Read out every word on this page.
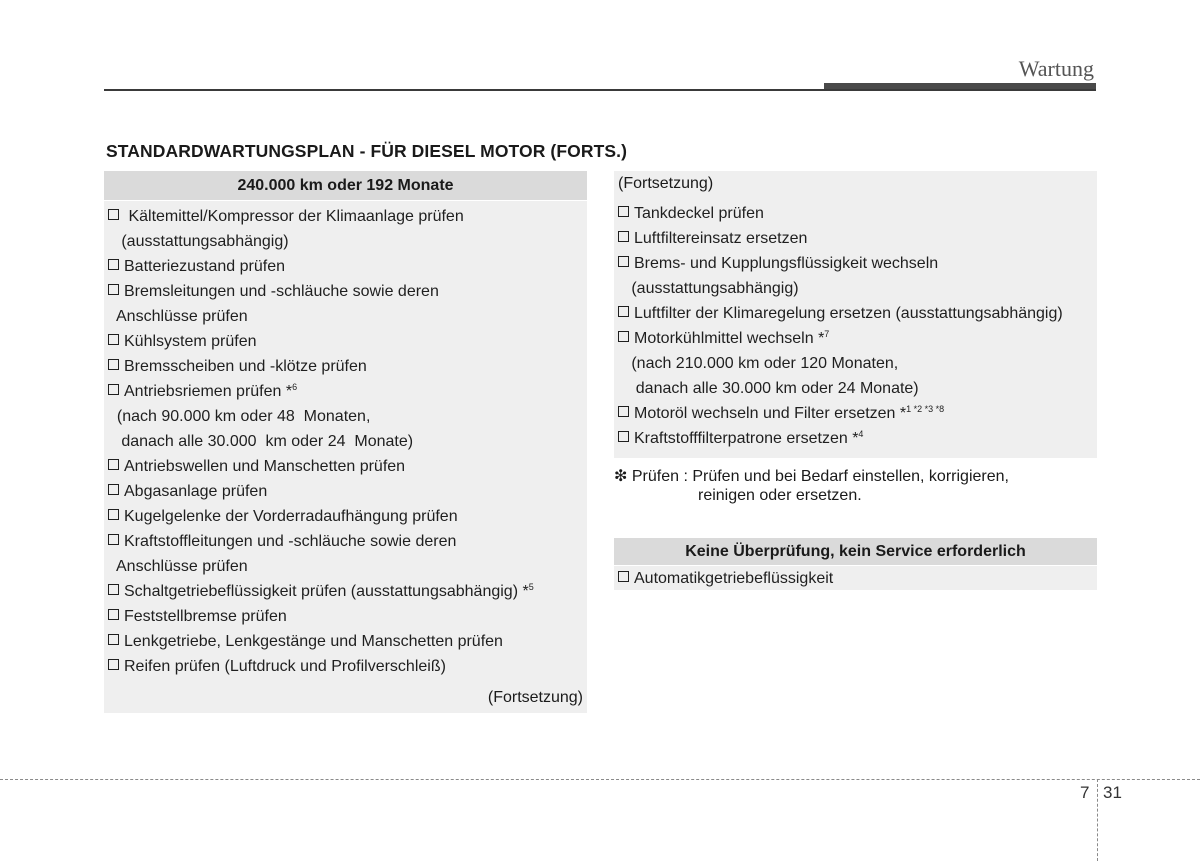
Wartung
STANDARDWARTUNGSPLAN - FÜR DIESEL MOTOR (FORTS.)
240.000 km oder 192 Monate
Kältemittel/Kompressor der Klimaanlage prüfen
(ausstattungsabhängig)
Batteriezustand prüfen
Bremsleitungen und -schläuche sowie deren
Anschlüsse prüfen
Kühlsystem prüfen
Bremsscheiben und -klötze prüfen
Antriebsriemen prüfen *$^6$
(nach 90.000 km oder 48  Monaten,
danach alle 30.000  km oder 24  Monate)
Antriebswellen und Manschetten prüfen
Abgasanlage prüfen
Kugelgelenke der Vorderradaufhängung prüfen
Kraftstoffleitungen und -schläuche sowie deren
Anschlüsse prüfen
Schaltgetriebeflüssigkeit prüfen (ausstattungsabhängig) *$^5$
Feststellbremse prüfen
Lenkgetriebe, Lenkgestänge und Manschetten prüfen
Reifen prüfen (Luftdruck und Profilverschleiß)
(Fortsetzung)
(Fortsetzung)
Tankdeckel prüfen
Luftfiltereinsatz ersetzen
Brems- und Kupplungsflüssigkeit wechseln
(ausstattungsabhängig)
Luftfilter der Klimaregelung ersetzen (ausstattungsabhängig)
Motorkühlmittel wechseln *$^7$
(nach 210.000 km oder 120 Monaten,
danach alle 30.000 km oder 24 Monate)
Motoröl wechseln und Filter ersetzen *$^{1 *2 *3 *8}$
Kraftstofffilterpatrone ersetzen *$^4$
❇ Prüfen : Prüfen und bei Bedarf einstellen, korrigieren,
reinigen oder ersetzen.
Keine Überprüfung, kein Service erforderlich
Automatikgetriebeflüssigkeit
7 31
